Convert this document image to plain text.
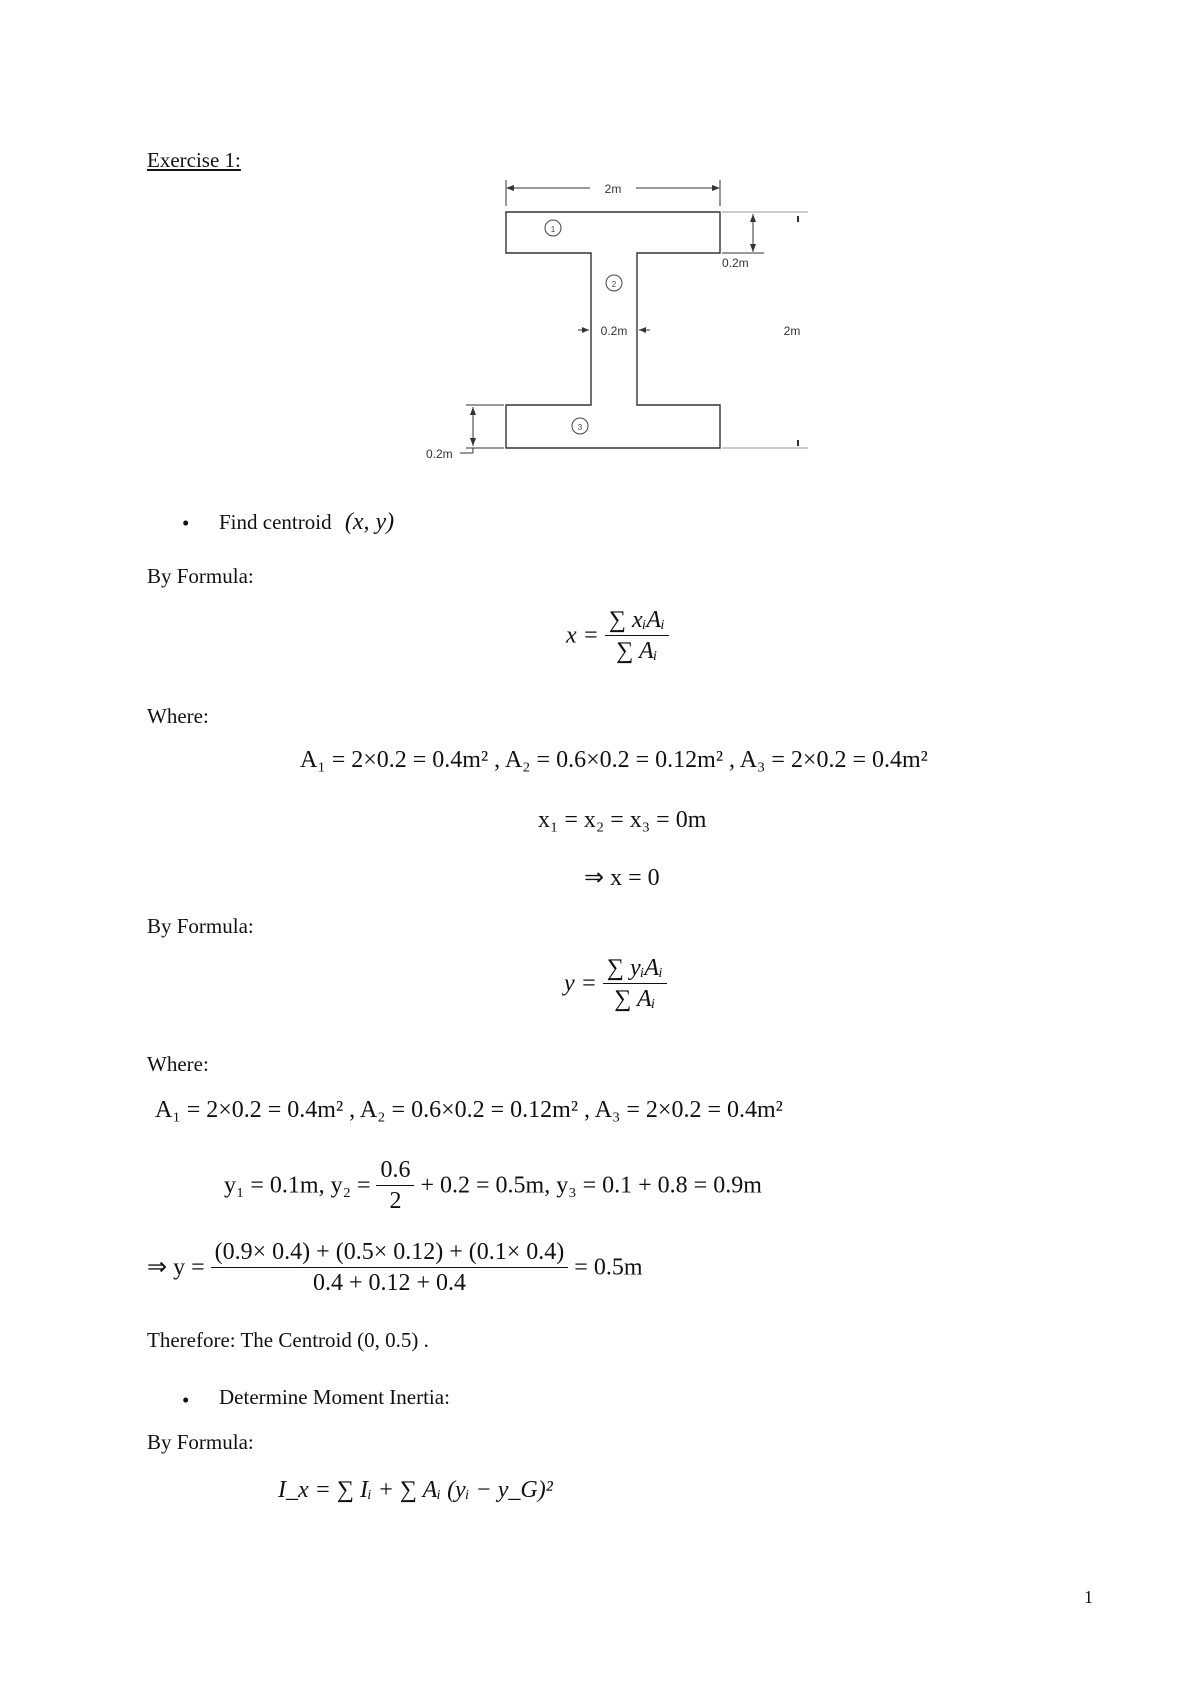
Exercise 1:
2m
0.2m
0.2m	2m
0.2m
1
2
3
• Find centroid (x, y)
By Formula:
$x = \frac{\text{∑ xᵢAᵢ}}{\text{∑ Aᵢ}}$
Where:
A₁ = 2×0.2 = 0.4m² , A₂ = 0.6×0.2 = 0.12m² , A₃ = 2×0.2 = 0.4m²
x₁ = x₂ = x₃ = 0m
⇒ x = 0
By Formula:
$y = \frac{\text{∑ yᵢAᵢ}}{\text{∑ Aᵢ}}$
Where:
A₁ = 2×0.2 = 0.4m² , A₂ = 0.6×0.2 = 0.12m² , A₃ = 2×0.2 = 0.4m²
y₁ = 0.1m, $y_2 = \frac{0.6}{2} + 0.2 = 0.5m$, y₃ = 0.1 + 0.8 = 0.9m
⇒ $y = \frac{(0.9\times 0.4) + (0.5\times 0.12) + (0.1\times 0.4)}{0.4 + 0.12 + 0.4} = 0.5m$
Therefore: The Centroid (0, 0.5) .
• Determine Moment Inertia:
By Formula:
I_x = ∑ Iᵢ + ∑ Aᵢ (yᵢ − y_G)²
1
